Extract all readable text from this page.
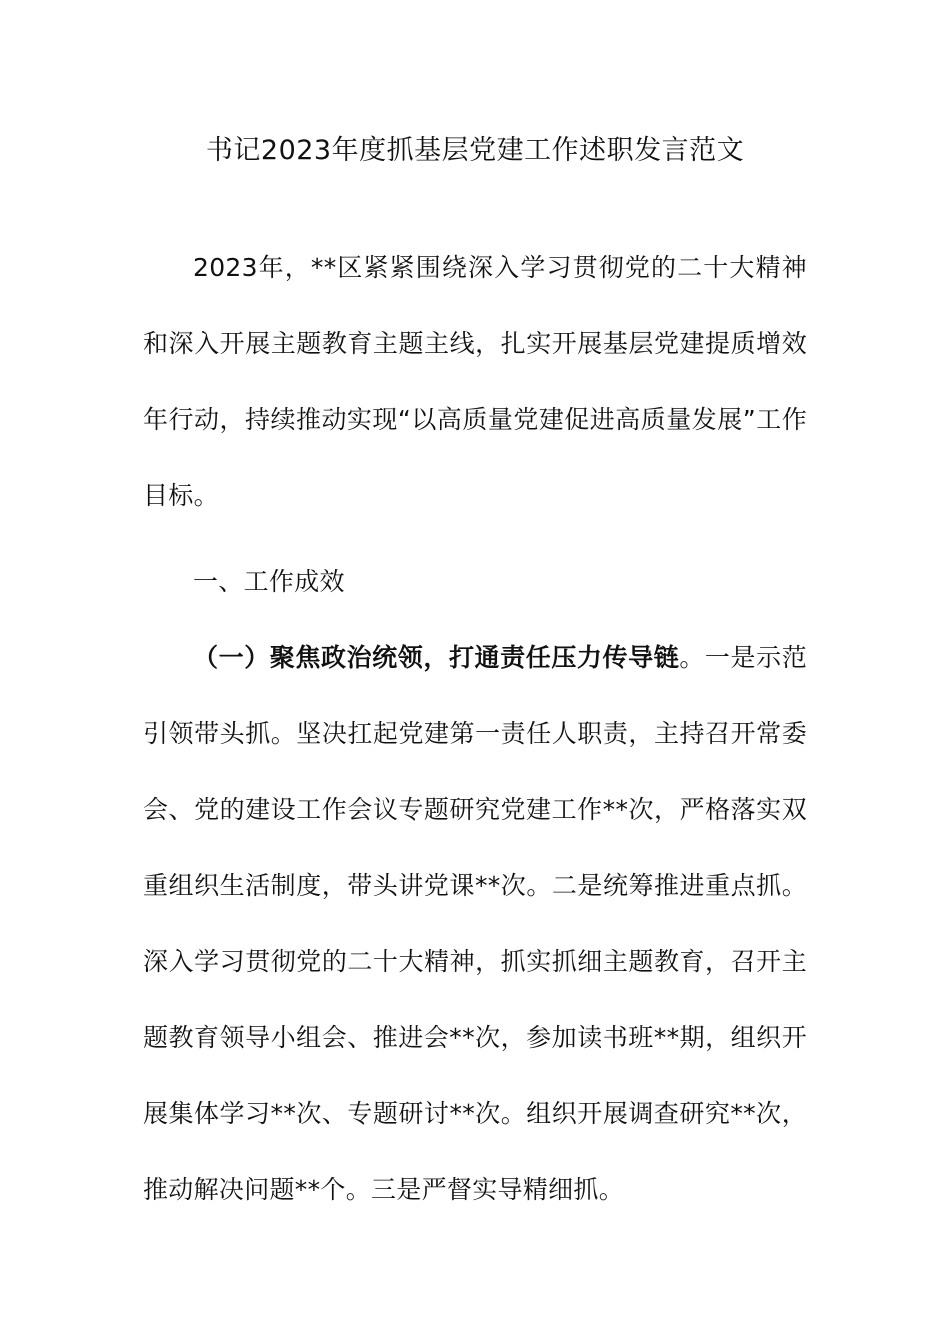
书记2023年度抓基层党建工作述职发言范文

2023年，**区紧紧围绕深入学习贯彻党的二十大精神和深入开展主题教育主题主线，扎实开展基层党建提质增效年行动，持续推动实现“以高质量党建促进高质量发展”工作目标。

一、工作成效

（一）聚焦政治统领，打通责任压力传导链。一是示范引领带头抓。坚决扛起党建第一责任人职责，主持召开常委会、党的建设工作会议专题研究党建工作**次，严格落实双重组织生活制度，带头讲党课**次。二是统筹推进重点抓。深入学习贯彻党的二十大精神，抓实抓细主题教育，召开主题教育领导小组会、推进会**次，参加读书班**期，组织开展集体学习**次、专题研讨**次。组织开展调查研究**次，推动解决问题**个。三是严督实导精细抓。
